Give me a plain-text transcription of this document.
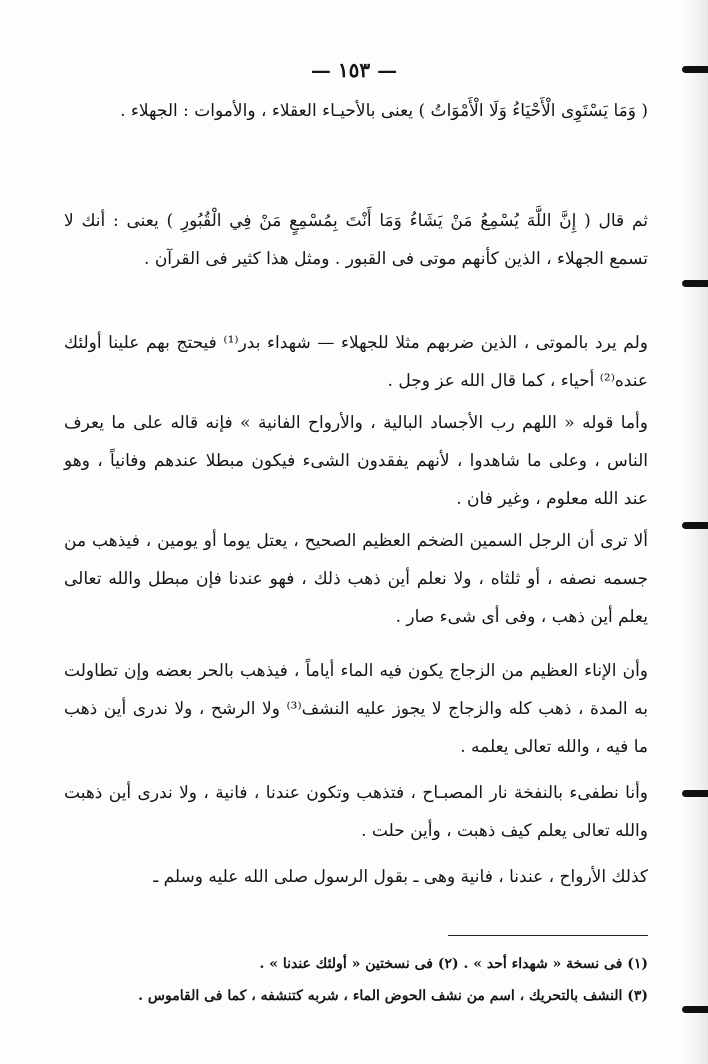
— ١٥٣ —

( وَمَا يَسْتَوِى الْأَحْيَاءُ وَلَا الْأَمْوَاتُ ) يعنى بالأحيـاء العقلاء ، والأموات : الجهلاء .

ثم قال ( إِنَّ اللَّهَ يُسْمِعُ مَنْ يَشَاءُ وَمَا أَنْتَ بِمُسْمِعٍ مَنْ فِي الْقُبُورِ ) يعنى : أنك لا تسمع الجهلاء ، الذين كأنهم موتى فى القبور . ومثل هذا كثير فى القرآن .

ولم يرد بالموتى ، الذين ضربهم مثلا للجهلاء — شهداء بدر⁽¹⁾ فيحتج بهم علينا أولئك عنده⁽²⁾ أحياء ، كما قال الله عز وجل .

وأما قوله « اللهم رب الأجساد البالية ، والأرواح الفانية » فإنه قاله على ما يعرف الناس ، وعلى ما شاهدوا ، لأنهم يفقدون الشىء فيكون مبطلا عندهم وفانياً ، وهو عند الله معلوم ، وغير فان .

ألا ترى أن الرجل السمين الضخم العظيم الصحيح ، يعتل يوما أو يومين ، فيذهب من جسمه نصفه ، أو ثلثاه ، ولا نعلم أين ذهب ذلك ، فهو عندنا فإن مبطل والله تعالى يعلم أين ذهب ، وفى أى شىء صار .

وأن الإناء العظيم من الزجاج يكون فيه الماء أياماً ، فيذهب بالحر بعضه وإن تطاولت به المدة ، ذهب كله والزجاج لا يجوز عليه النشف⁽³⁾ ولا الرشح ، ولا ندرى أين ذهب ما فيه ، والله تعالى يعلمه .

وأنا نطفىء بالنفخة نار المصبـاح ، فتذهب وتكون عندنا ، فانية ، ولا ندرى أين ذهبت والله تعالى يعلم كيف ذهبت ، وأين حلت .

كذلك الأرواح ، عندنا ، فانية وهى ـ بقول الرسول صلى الله عليه وسلم ـ

(١) فى نسخة « شهداء أحد » . (٢) فى نسختين « أولئك عندنا » .

(٣) النشف بالتحريك ، اسم من نشف الحوض الماء ، شربه كتنشفه ، كما فى القاموس .
